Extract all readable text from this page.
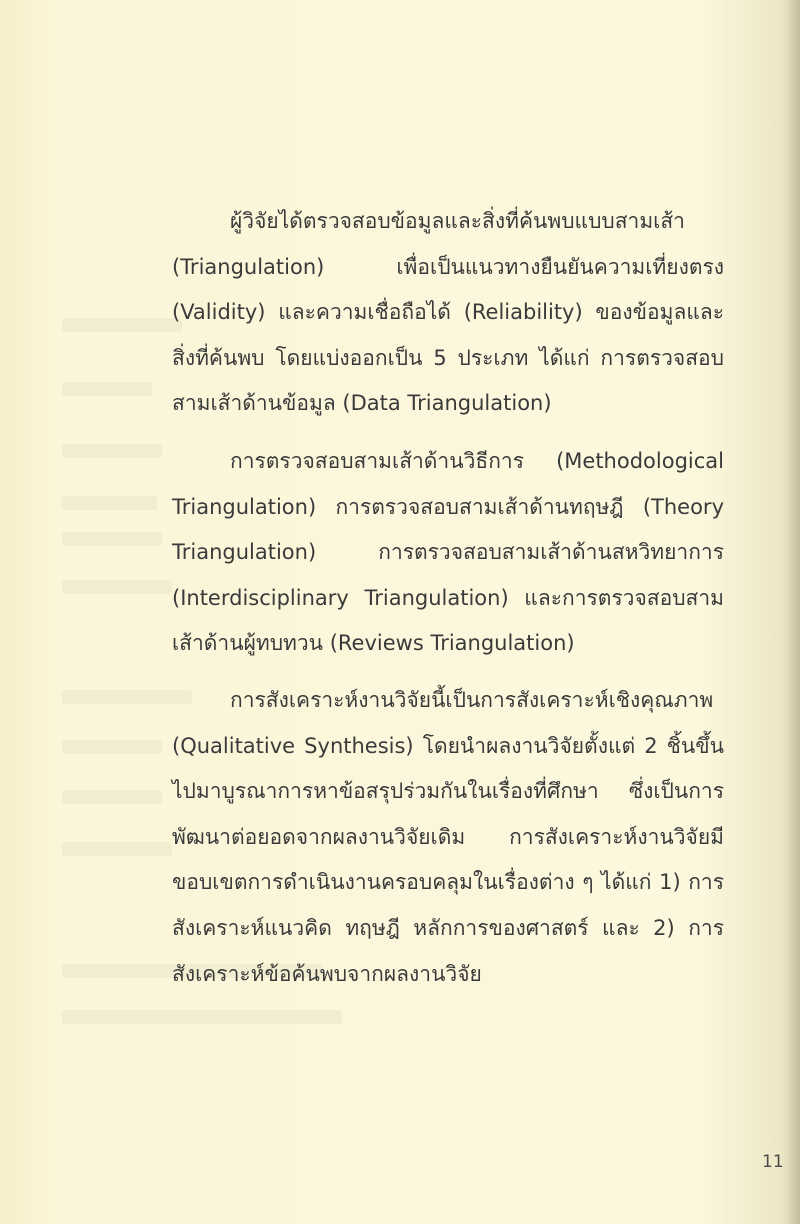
ผู้วิจัยได้ตรวจสอบข้อมูลและสิ่งที่ค้นพบแบบสามเส้า (Triangulation) เพื่อเป็นแนวทางยืนยันความเที่ยงตรง (Validity) และความเชื่อถือได้ (Reliability) ของข้อมูลและสิ่งที่ค้นพบ โดยแบ่งออกเป็น 5 ประเภท ได้แก่ การตรวจสอบสามเส้าด้านข้อมูล (Data Triangulation)

การตรวจสอบสามเส้าด้านวิธีการ (Methodological Triangulation) การตรวจสอบสามเส้าด้านทฤษฎี (Theory Triangulation) การตรวจสอบสามเส้าด้านสหวิทยาการ (Interdisciplinary Triangulation) และการตรวจสอบสามเส้าด้านผู้ทบทวน (Reviews Triangulation)

การสังเคราะห์งานวิจัยนี้เป็นการสังเคราะห์เชิงคุณภาพ (Qualitative Synthesis) โดยนำผลงานวิจัยตั้งแต่ 2 ชิ้นขึ้นไปมาบูรณาการหาข้อสรุปร่วมกันในเรื่องที่ศึกษา ซึ่งเป็นการพัฒนาต่อยอดจากผลงานวิจัยเดิม การสังเคราะห์งานวิจัยมีขอบเขตการดำเนินงานครอบคลุมในเรื่องต่าง ๆ ได้แก่ 1) การสังเคราะห์แนวคิด ทฤษฎี หลักการของศาสตร์ และ 2) การสังเคราะห์ข้อค้นพบจากผลงานวิจัย

11
